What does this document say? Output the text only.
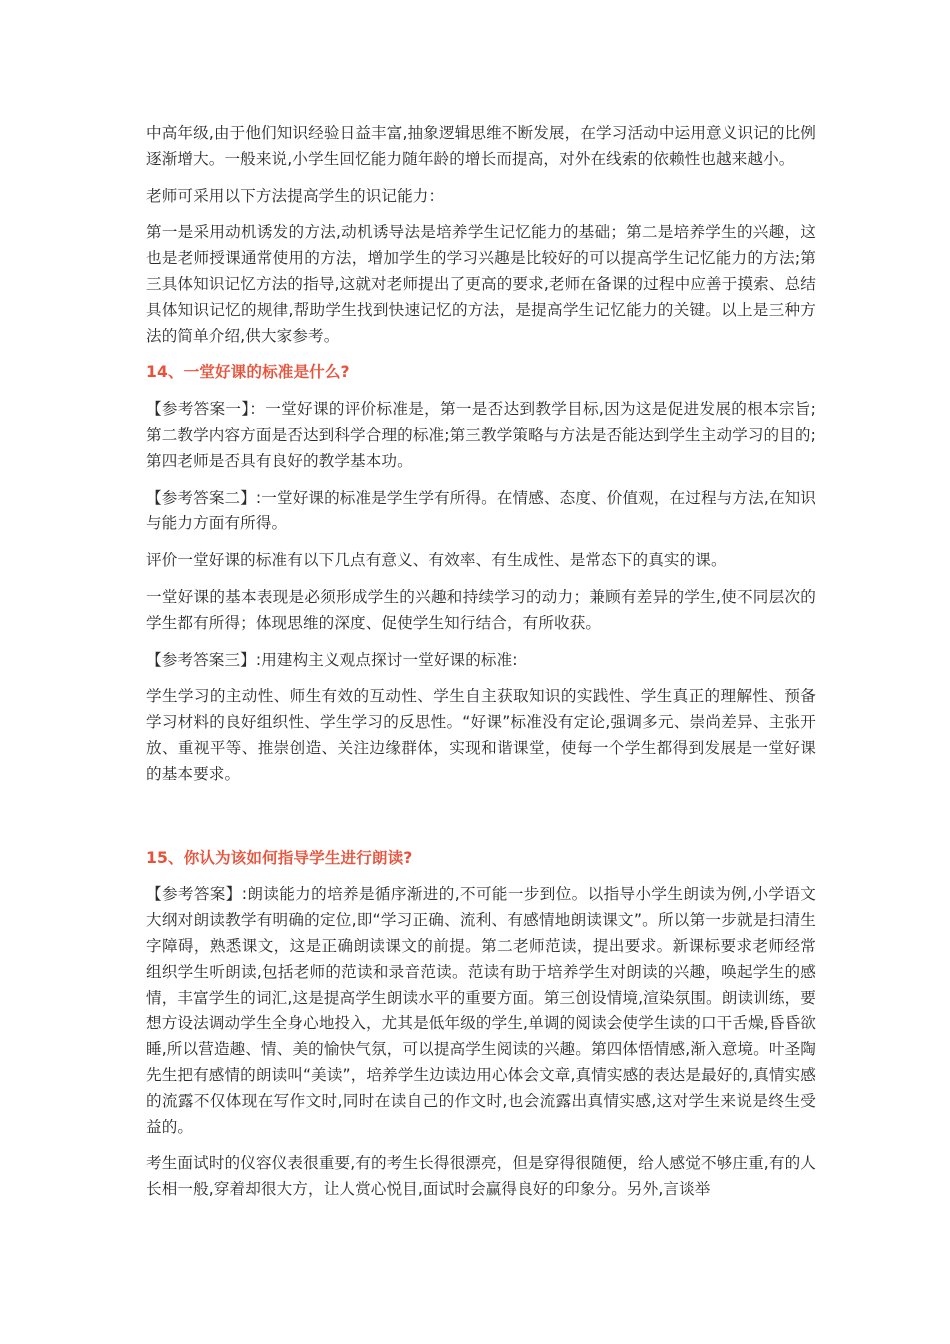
中高年级,由于他们知识经验日益丰富,抽象逻辑思维不断发展，在学习活动中运用意义识记的比例逐渐增大。一般来说,小学生回忆能力随年龄的增长而提高，对外在线索的依赖性也越来越小。

老师可采用以下方法提高学生的识记能力：

第一是采用动机诱发的方法,动机诱导法是培养学生记忆能力的基础；第二是培养学生的兴趣，这也是老师授课通常使用的方法，增加学生的学习兴趣是比较好的可以提高学生记忆能力的方法;第三具体知识记忆方法的指导,这就对老师提出了更高的要求,老师在备课的过程中应善于摸索、总结具体知识记忆的规律,帮助学生找到快速记忆的方法，是提高学生记忆能力的关键。以上是三种方法的简单介绍,供大家参考。

14、一堂好课的标准是什么?

【参考答案一】：一堂好课的评价标准是，第一是否达到教学目标,因为这是促进发展的根本宗旨;第二教学内容方面是否达到科学合理的标准;第三教学策略与方法是否能达到学生主动学习的目的;第四老师是否具有良好的教学基本功。

【参考答案二】:一堂好课的标准是学生学有所得。在情感、态度、价值观，在过程与方法,在知识与能力方面有所得。

评价一堂好课的标准有以下几点有意义、有效率、有生成性、是常态下的真实的课。

一堂好课的基本表现是必须形成学生的兴趣和持续学习的动力；兼顾有差异的学生,使不同层次的学生都有所得；体现思维的深度、促使学生知行结合，有所收获。

【参考答案三】:用建构主义观点探讨一堂好课的标准:

学生学习的主动性、师生有效的互动性、学生自主获取知识的实践性、学生真正的理解性、预备学习材料的良好组织性、学生学习的反思性。“好课”标准没有定论,强调多元、崇尚差异、主张开放、重视平等、推崇创造、关注边缘群体，实现和谐课堂，使每一个学生都得到发展是一堂好课的基本要求。

15、你认为该如何指导学生进行朗读?

【参考答案】:朗读能力的培养是循序渐进的,不可能一步到位。以指导小学生朗读为例,小学语文大纲对朗读教学有明确的定位,即“学习正确、流利、有感情地朗读课文”。所以第一步就是扫清生字障碍，熟悉课文，这是正确朗读课文的前提。第二老师范读，提出要求。新课标要求老师经常组织学生听朗读,包括老师的范读和录音范读。范读有助于培养学生对朗读的兴趣，唤起学生的感情，丰富学生的词汇,这是提高学生朗读水平的重要方面。第三创设情境,渲染氛围。朗读训练，要想方设法调动学生全身心地投入，尤其是低年级的学生,单调的阅读会使学生读的口干舌燥,昏昏欲睡,所以营造趣、情、美的愉快气氛，可以提高学生阅读的兴趣。第四体悟情感,渐入意境。叶圣陶先生把有感情的朗读叫“美读”，培养学生边读边用心体会文章,真情实感的表达是最好的,真情实感的流露不仅体现在写作文时,同时在读自己的作文时,也会流露出真情实感,这对学生来说是终生受益的。

考生面试时的仪容仪表很重要,有的考生长得很漂亮，但是穿得很随便，给人感觉不够庄重,有的人长相一般,穿着却很大方，让人赏心悦目,面试时会赢得良好的印象分。另外,言谈举
